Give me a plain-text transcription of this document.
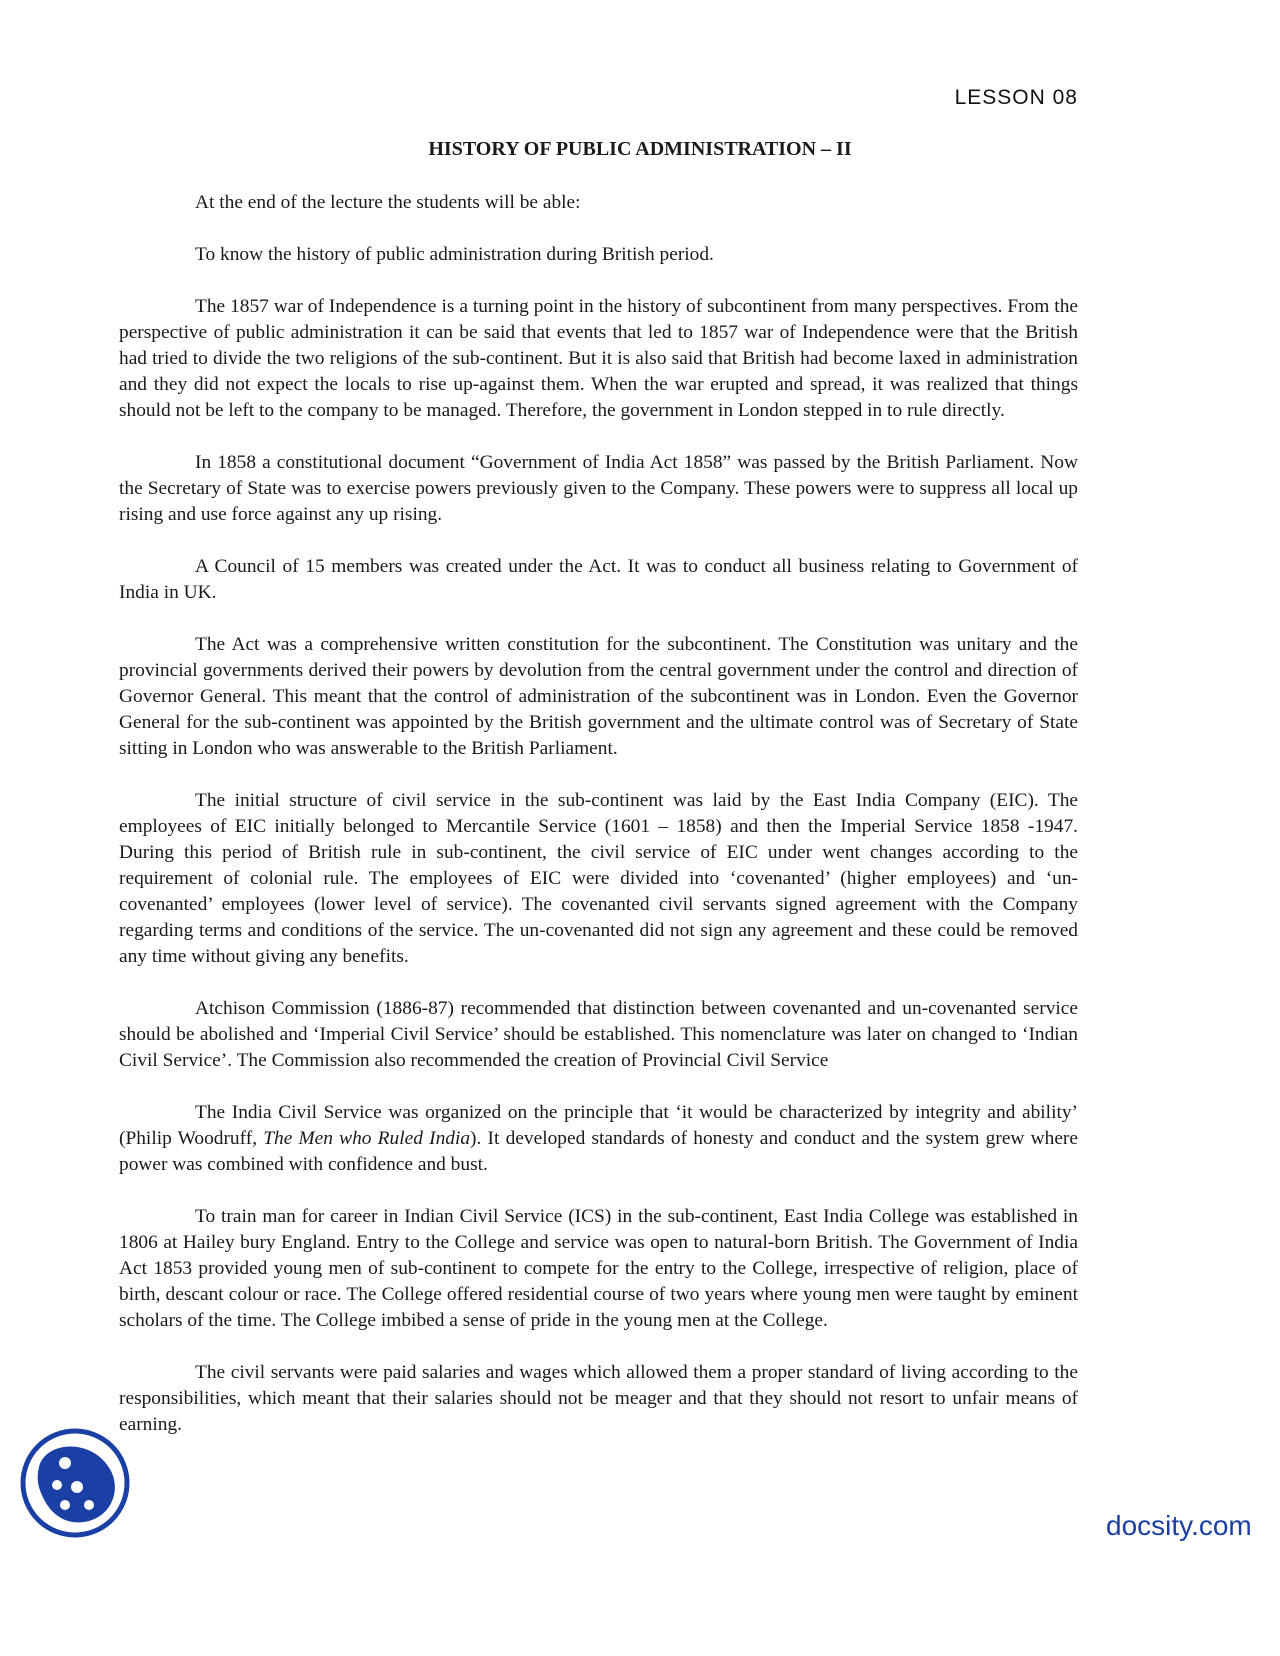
LESSON 08
HISTORY OF PUBLIC ADMINISTRATION – II

At the end of the lecture the students will be able:

To know the history of public administration during British period.

The 1857 war of Independence is a turning point in the history of subcontinent from many perspectives. From the perspective of public administration it can be said that events that led to 1857 war of Independence were that the British had tried to divide the two religions of the sub-continent. But it is also said that British had become laxed in administration and they did not expect the locals to rise up-against them. When the war erupted and spread, it was realized that things should not be left to the company to be managed. Therefore, the government in London stepped in to rule directly.

In 1858 a constitutional document “Government of India Act 1858” was passed by the British Parliament. Now the Secretary of State was to exercise powers previously given to the Company. These powers were to suppress all local up rising and use force against any up rising.

A Council of 15 members was created under the Act. It was to conduct all business relating to Government of India in UK.

The Act was a comprehensive written constitution for the subcontinent. The Constitution was unitary and the provincial governments derived their powers by devolution from the central government under the control and direction of Governor General. This meant that the control of administration of the subcontinent was in London. Even the Governor General for the sub-continent was appointed by the British government and the ultimate control was of Secretary of State sitting in London who was answerable to the British Parliament.

The initial structure of civil service in the sub-continent was laid by the East India Company (EIC). The employees of EIC initially belonged to Mercantile Service (1601 – 1858) and then the Imperial Service 1858 -1947. During this period of British rule in sub-continent, the civil service of EIC under went changes according to the requirement of colonial rule. The employees of EIC were divided into ‘covenanted’ (higher employees) and ‘un-covenanted’ employees (lower level of service). The covenanted civil servants signed agreement with the Company regarding terms and conditions of the service. The un-covenanted did not sign any agreement and these could be removed any time without giving any benefits.

Atchison Commission (1886-87) recommended that distinction between covenanted and un-covenanted service should be abolished and ‘Imperial Civil Service’ should be established. This nomenclature was later on changed to ‘Indian Civil Service’. The Commission also recommended the creation of Provincial Civil Service

The India Civil Service was organized on the principle that ‘it would be characterized by integrity and ability’ (Philip Woodruff, The Men who Ruled India). It developed standards of honesty and conduct and the system grew where power was combined with confidence and bust.

To train man for career in Indian Civil Service (ICS) in the sub-continent, East India College was established in 1806 at Hailey bury England. Entry to the College and service was open to natural-born British. The Government of India Act 1853 provided young men of sub-continent to compete for the entry to the College, irrespective of religion, place of birth, descant colour or race. The College offered residential course of two years where young men were taught by eminent scholars of the time. The College imbibed a sense of pride in the young men at the College.

The civil servants were paid salaries and wages which allowed them a proper standard of living according to the responsibilities, which meant that their salaries should not be meager and that they should not resort to unfair means of earning.

docsity.com
